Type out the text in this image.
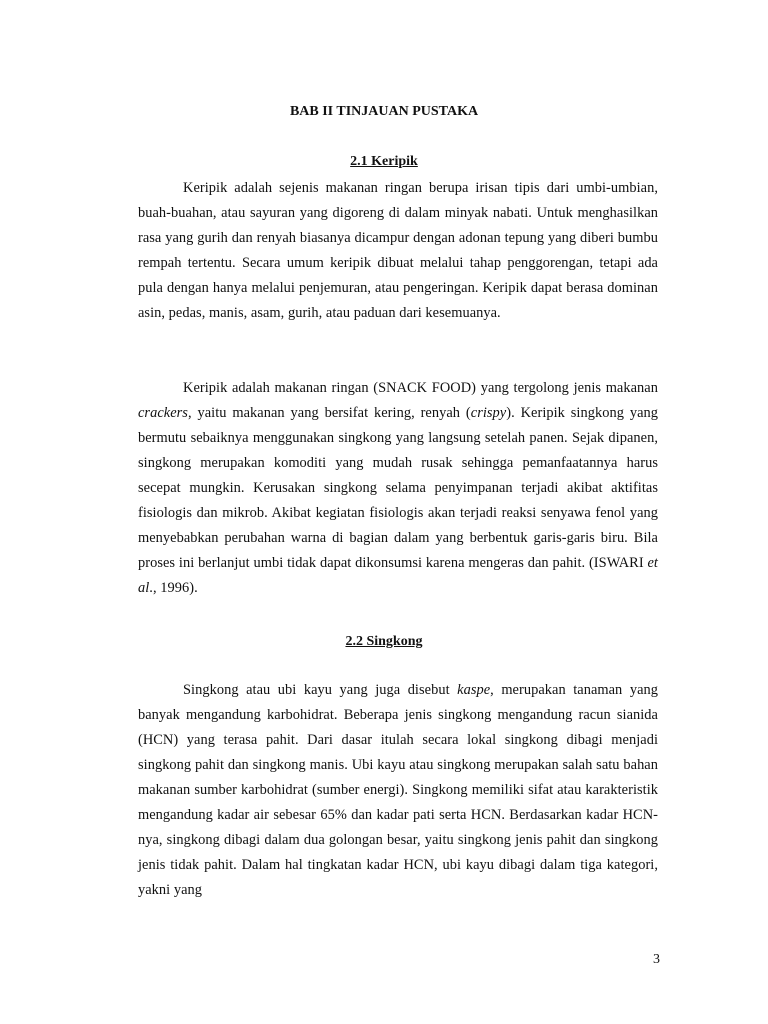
BAB II TINJAUAN PUSTAKA
2.1 Keripik

Keripik adalah sejenis makanan ringan berupa irisan tipis dari umbi-umbian, buah-buahan, atau sayuran yang digoreng di dalam minyak nabati. Untuk menghasilkan rasa yang gurih dan renyah biasanya dicampur dengan adonan tepung yang diberi bumbu rempah tertentu. Secara umum keripik dibuat melalui tahap penggorengan, tetapi ada pula dengan hanya melalui penjemuran, atau pengeringan. Keripik dapat berasa dominan asin, pedas, manis, asam, gurih, atau paduan dari kesemuanya.

Keripik adalah makanan ringan (SNACK FOOD) yang tergolong jenis makanan crackers, yaitu makanan yang bersifat kering, renyah (crispy). Keripik singkong yang bermutu sebaiknya menggunakan singkong yang langsung setelah panen. Sejak dipanen, singkong merupakan komoditi yang mudah rusak sehingga pemanfaatannya harus secepat mungkin. Kerusakan singkong selama penyimpanan terjadi akibat aktifitas fisiologis dan mikrob. Akibat kegiatan fisiologis akan terjadi reaksi senyawa fenol yang menyebabkan perubahan warna di bagian dalam yang berbentuk garis-garis biru. Bila proses ini berlanjut umbi tidak dapat dikonsumsi karena mengeras dan pahit. (ISWARI et al., 1996).

2.2 Singkong

Singkong atau ubi kayu yang juga disebut kaspe, merupakan tanaman yang banyak mengandung karbohidrat. Beberapa jenis singkong mengandung racun sianida (HCN) yang terasa pahit. Dari dasar itulah secara lokal singkong dibagi menjadi singkong pahit dan singkong manis. Ubi kayu atau singkong merupakan salah satu bahan makanan sumber karbohidrat (sumber energi). Singkong memiliki sifat atau karakteristik mengandung kadar air sebesar 65% dan kadar pati serta HCN. Berdasarkan kadar HCN-nya, singkong dibagi dalam dua golongan besar, yaitu singkong jenis pahit dan singkong jenis tidak pahit. Dalam hal tingkatan kadar HCN, ubi kayu dibagi dalam tiga kategori, yakni yang

3
